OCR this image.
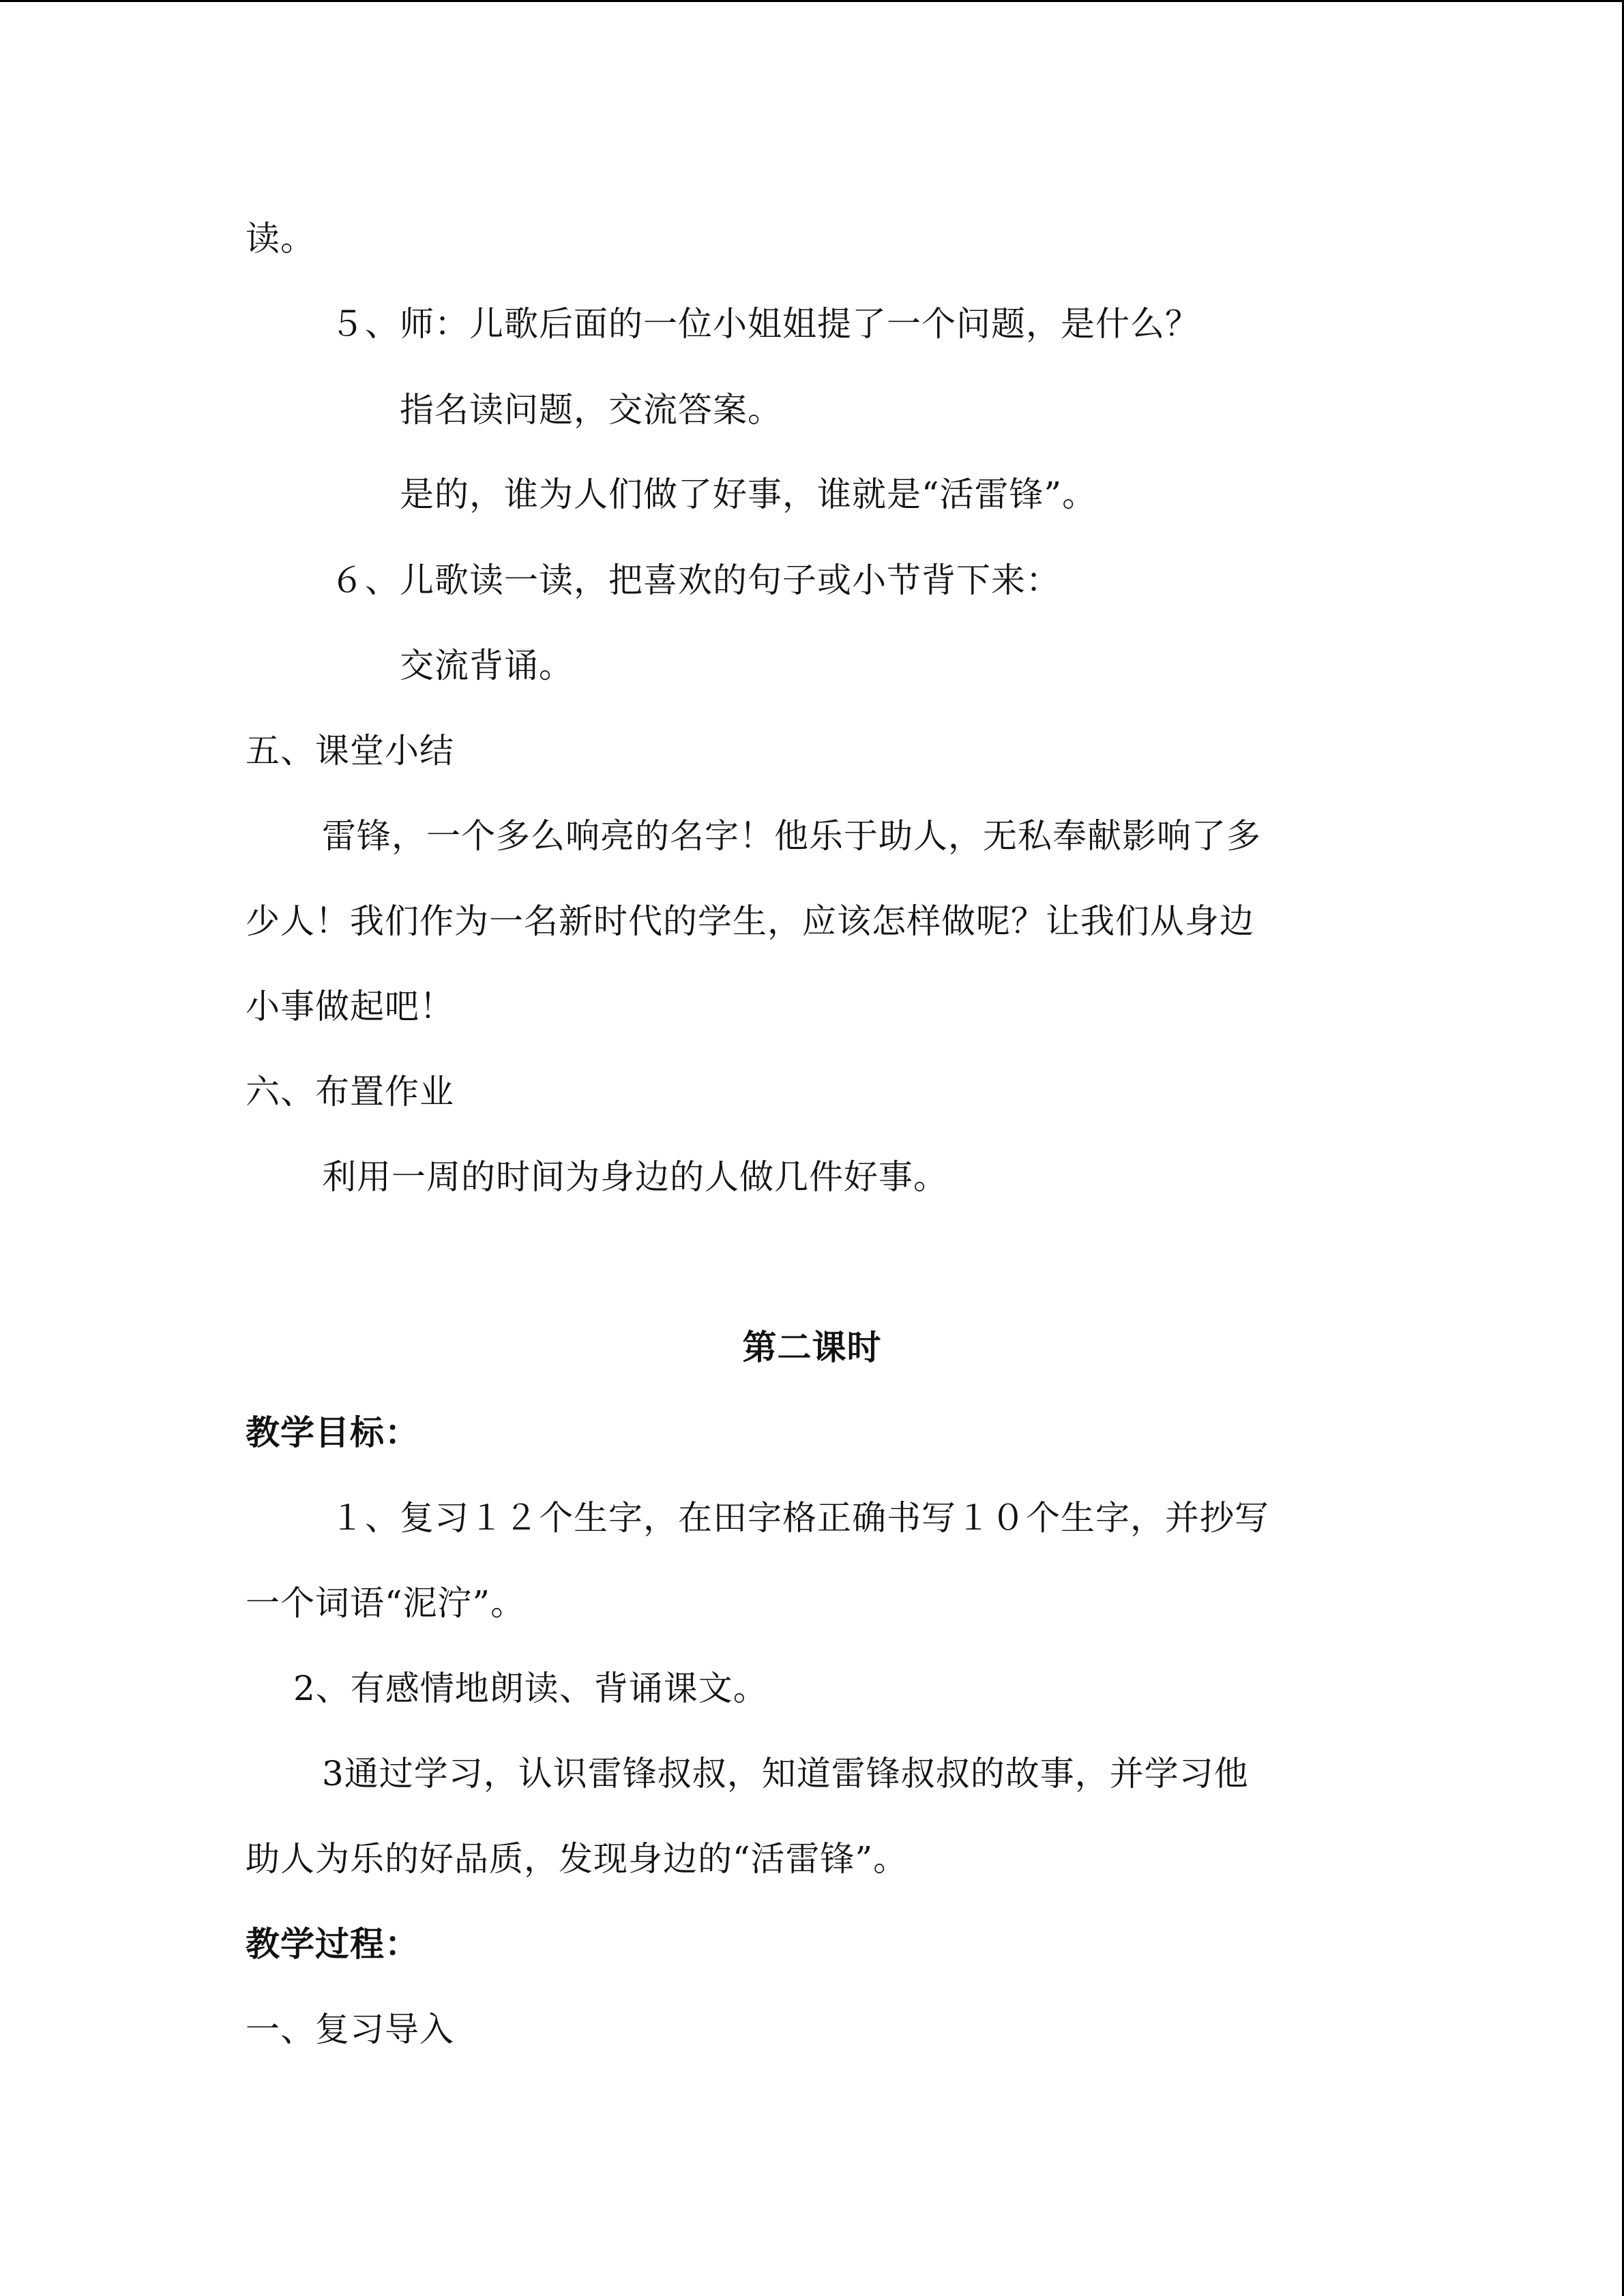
读。
５、师：儿歌后面的一位小姐姐提了一个问题，是什么？
指名读问题，交流答案。
是的，谁为人们做了好事，谁就是“活雷锋”。
６、儿歌读一读，把喜欢的句子或小节背下来：
交流背诵。
五、课堂小结
雷锋，一个多么响亮的名字！他乐于助人，无私奉献影响了多
少人！我们作为一名新时代的学生，应该怎样做呢？让我们从身边
小事做起吧！
六、布置作业
利用一周的时间为身边的人做几件好事。
第二课时
教学目标：
１、复习１２个生字，在田字格正确书写１０个生字，并抄写
一个词语“泥泞”。
2、有感情地朗读、背诵课文。
3通过学习，认识雷锋叔叔，知道雷锋叔叔的故事，并学习他
助人为乐的好品质，发现身边的“活雷锋”。
教学过程：
一、复习导入
